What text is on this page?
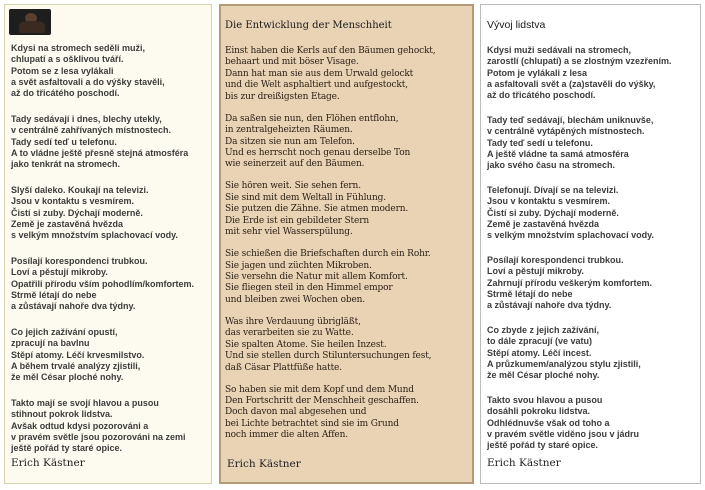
Kdysi na stromech seděli muži,
chlupatí a s ošklivou tváří.
Potom se z lesa vylákali
a svět asfaltovali a do výšky stavěli,
až do třicátého poschodí.

Tady sedávají i dnes, blechy utekly,
v centrálně zahřívaných místnostech.
Tady sedí teď u telefonu.
A to vládne ještě přesně stejná atmosféra
jako tenkrát na stromech.

Slyší daleko. Koukají na televizi.
Jsou v kontaktu s vesmírem.
Čistí si zuby. Dýchají moderně.
Země je zastavěná hvězda
s velkým množstvím splachovací vody.

Posílají korespondenci trubkou.
Loví a pěstují mikroby.
Opatřili přírodu vším pohodlím/komfortem.
Strmě létají do nebe
a zůstávají nahoře dva týdny.

Co jejich zažívání opustí,
zpracují na bavlnu
Stěpí atomy. Léčí krvesmilstvo.
A během trvalé analýzy zjistili,
že měl César ploché nohy.

Takto mají se svojí hlavou a pusou
stihnout pokrok lidstva.
Avšak odtud kdysi pozorováni a
v pravém světle jsou pozorováni na zemi
ještě pořád ty staré opice.

Erich Kästner
Die Entwicklung der Menschheit

Einst haben die Kerls auf den Bäumen gehockt,
behaart und mit böser Visage.
Dann hat man sie aus dem Urwald gelockt
und die Welt asphaltiert und aufgestockt,
bis zur dreißigsten Etage.

Da saßen sie nun, den Flöhen entflohn,
in zentralgeheizten Räumen.
Da sitzen sie nun am Telefon.
Und es herrscht noch genau derselbe Ton
wie seinerzeit auf den Bäumen.

Sie hören weit. Sie sehen fern.
Sie sind mit dem Weltall in Fühlung.
Sie putzen die Zähne. Sie atmen modern.
Die Erde ist ein gebildeter Stern
mit sehr viel Wasserspülung.

Sie schießen die Briefschaften durch ein Rohr.
Sie jagen und züchten Mikroben.
Sie versehn die Natur mit allem Komfort.
Sie fliegen steil in den Himmel empor
und bleiben zwei Wochen oben.

Was ihre Verdauung übrigläßt,
das verarbeiten sie zu Watte.
Sie spalten Atome. Sie heilen Inzest.
Und sie stellen durch Stiluntersuchungen fest,
daß Cäsar Plattfüße hatte.

So haben sie mit dem Kopf und dem Mund
Den Fortschritt der Menschheit geschaffen.
Doch davon mal abgesehen und
bei Lichte betrachtet sind sie im Grund
noch immer die alten Affen.

Erich Kästner
Vývoj lidstva

Kdysi muži sedávali na stromech,
zarostlí (chlupatí) a se zlostným vzezřením.
Potom je vylákali z lesa
a asfaltovali svět a (za)stavěli do výšky,
až do třicátého poschodí.

Tady teď sedávají, blechám uniknuvše,
v centrálně vytápěných místnostech.
Tady teď sedí u telefonu.
A ještě vládne ta samá atmosféra
jako svého času na stromech.

Telefonují. Dívají se na televizi.
Jsou v kontaktu s vesmírem.
Čistí si zuby. Dýchají moderně.
Země je zastavěná hvězda
s velkým množstvím splachovací vody.

Posílají korespondenci trubkou.
Loví a pěstují mikroby.
Zahrnují přírodu veškerým komfortem.
Strmě létají do nebe
a zůstávají nahoře dva týdny.

Co zbyde z jejich zažívání,
to dále zpracují (ve vatu)
Stěpí atomy. Léčí incest.
A průzkumem/analýzou stylu zjistili,
že měl César ploché nohy.

Takto svou hlavou a pusou
dosáhli pokroku lidstva.
Odhlédnuvše však od toho a
v pravém světle viděno jsou v jádru
ještě pořád ty staré opice.

Erich Kästner
